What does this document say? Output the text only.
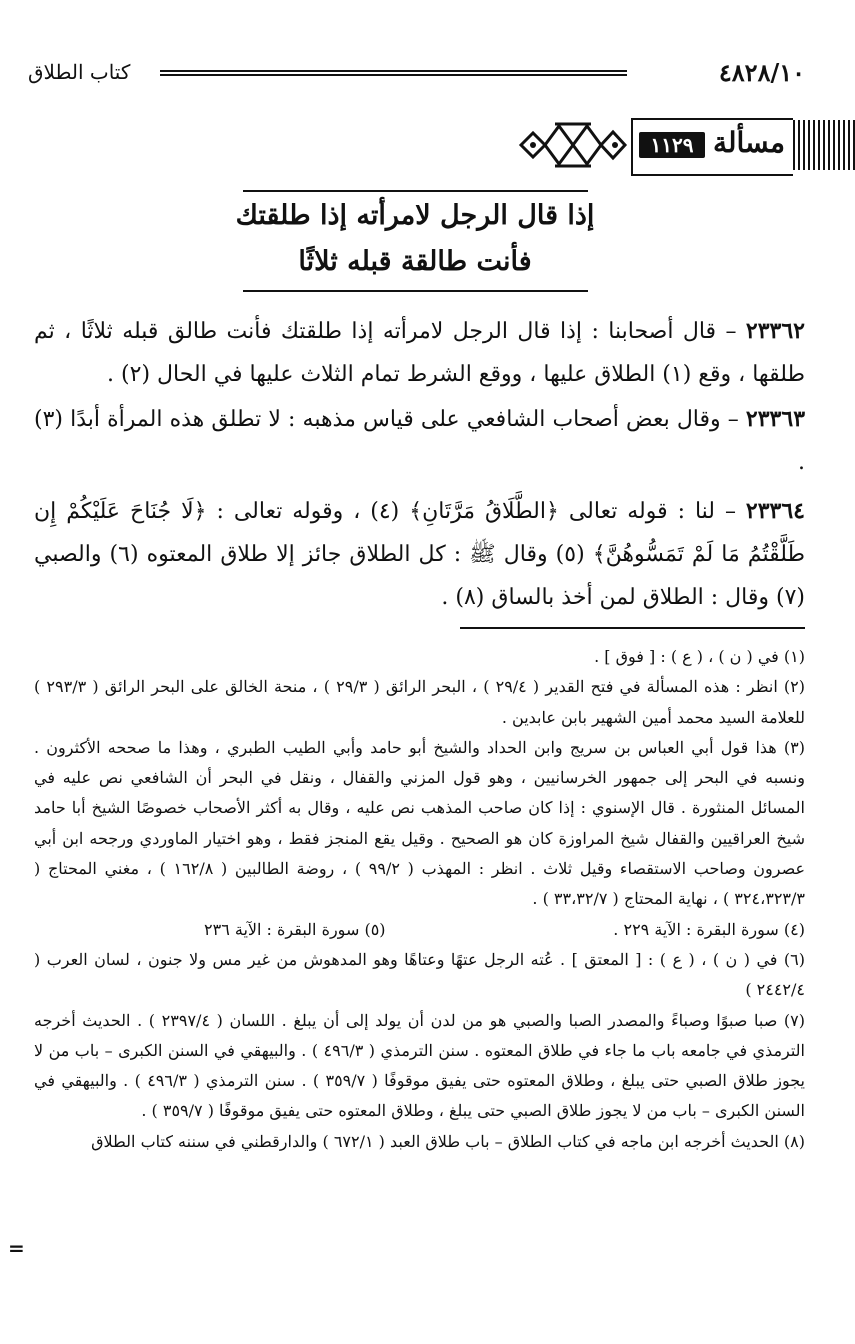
٤٨٢٨/١٠
كتاب الطلاق
مسألة
١١٢٩
إذا قال الرجل لامرأته إذا طلقتك
فأنت طالقة قبله ثلاثًا
٢٣٣٦٢ – قال أصحابنا : إذا قال الرجل لامرأته إذا طلقتك فأنت طالق قبله ثلاثًا ، ثم طلقها ، وقع (١) الطلاق عليها ، ووقع الشرط تمام الثلاث عليها في الحال (٢) .
٢٣٣٦٣ – وقال بعض أصحاب الشافعي على قياس مذهبه : لا تطلق هذه المرأة أبدًا (٣) .
٢٣٣٦٤ – لنا : قوله تعالى ﴿الطَّلَاقُ مَرَّتَانِ﴾ (٤) ، وقوله تعالى : ﴿لَا جُنَاحَ عَلَيْكُمْ إِن طَلَّقْتُمُ مَا لَمْ تَمَسُّوهُنَّ﴾ (٥) وقال ﷺ : كل الطلاق جائز إلا طلاق المعتوه (٦) والصبي (٧) وقال : الطلاق لمن أخذ بالساق (٨) .

(١) في ( ن ) ، ( ع ) : [ فوق ] .

(٢) انظر : هذه المسألة في فتح القدير ( ٢٩/٤ ) ، البحر الرائق ( ٢٩/٣ ) ، منحة الخالق على البحر الرائق ( ٢٩٣/٣ ) للعلامة السيد محمد أمين الشهير بابن عابدين .

(٣) هذا قول أبي العباس بن سريج وابن الحداد والشيخ أبو حامد وأبي الطيب الطبري ، وهذا ما صححه الأكثرون . ونسبه في البحر إلى جمهور الخرسانيين ، وهو قول المزني والقفال ، ونقل في البحر أن الشافعي نص عليه في المسائل المنثورة . قال الإسنوي : إذا كان صاحب المذهب نص عليه ، وقال به أكثر الأصحاب خصوصًا الشيخ أبا حامد شيخ العراقيين والقفال شيخ المراوزة كان هو الصحيح . وقيل يقع المنجز فقط ، وهو اختيار الماوردي ورجحه ابن أبي عصرون وصاحب الاستقصاء وقيل ثلاث . انظر : المهذب ( ٩٩/٢ ) ، روضة الطالبين ( ١٦٢/٨ ) ، مغني المحتاج ( ٣٢٤،٣٢٣/٣ ) ، نهاية المحتاج ( ٣٣،٣٢/٧ ) .

(٤) سورة البقرة : الآية ٢٢٩ .
(٥) سورة البقرة : الآية ٢٣٦

(٦) في ( ن ) ، ( ع ) : [ المعتق ] . عُته الرجل عتهًا وعتاهًا وهو المدهوش من غير مس ولا جنون ، لسان العرب ( ٢٤٤٢/٤ )

(٧) صبا صبوًا وصباءً والمصدر الصبا والصبي هو من لدن أن يولد إلى أن يبلغ . اللسان ( ٢٣٩٧/٤ ) . الحديث أخرجه الترمذي في جامعه باب ما جاء في طلاق المعتوه . سنن الترمذي ( ٤٩٦/٣ ) . والبيهقي في السنن الكبرى – باب من لا يجوز طلاق الصبي حتى يبلغ ، وطلاق المعتوه حتى يفيق موقوفًا ( ٣٥٩/٧ ) . سنن الترمذي ( ٤٩٦/٣ ) . والبيهقي في السنن الكبرى – باب من لا يجوز طلاق الصبي حتى يبلغ ، وطلاق المعتوه حتى يفيق موقوفًا ( ٣٥٩/٧ ) .

(٨) الحديث أخرجه ابن ماجه في كتاب الطلاق – باب طلاق العبد ( ٦٧٢/١ ) والدارقطني في سننه كتاب الطلاق

=
